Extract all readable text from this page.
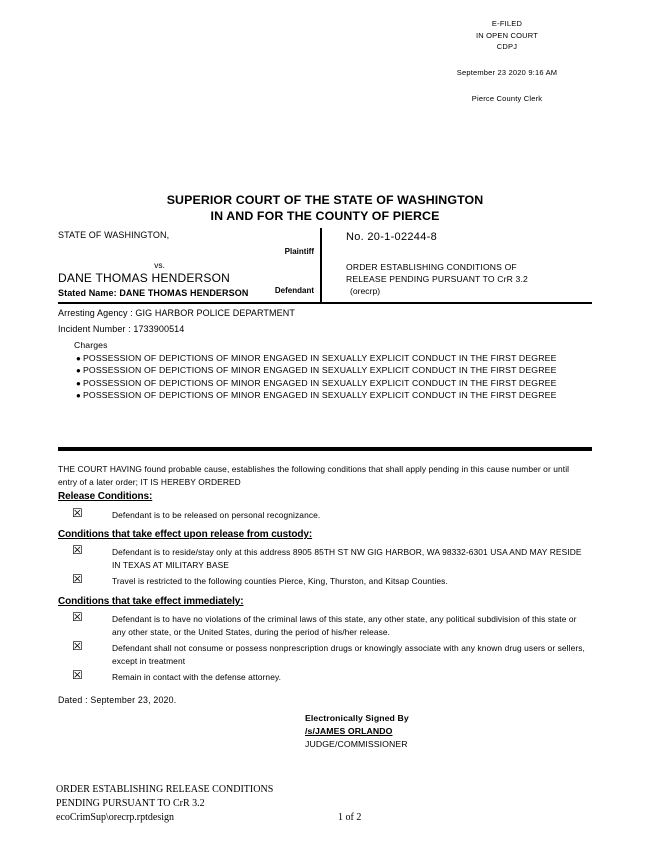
E-FILED
IN OPEN COURT
CDPJ
September 23 2020 9:16 AM
Pierce County Clerk
SUPERIOR COURT OF THE STATE OF WASHINGTON
IN AND FOR THE COUNTY OF PIERCE
STATE OF WASHINGTON,
Plaintiff
vs.
DANE THOMAS HENDERSON
Defendant
No. 20-1-02244-8
ORDER ESTABLISHING CONDITIONS OF
RELEASE PENDING PURSUANT TO CrR 3.2
(orecrp)
Stated Name: DANE THOMAS HENDERSON
Arresting Agency : GIG HARBOR POLICE DEPARTMENT
Incident Number : 1733900514
Charges
● POSSESSION OF DEPICTIONS OF MINOR ENGAGED IN SEXUALLY EXPLICIT CONDUCT IN THE FIRST DEGREE
● POSSESSION OF DEPICTIONS OF MINOR ENGAGED IN SEXUALLY EXPLICIT CONDUCT IN THE FIRST DEGREE
● POSSESSION OF DEPICTIONS OF MINOR ENGAGED IN SEXUALLY EXPLICIT CONDUCT IN THE FIRST DEGREE
● POSSESSION OF DEPICTIONS OF MINOR ENGAGED IN SEXUALLY EXPLICIT CONDUCT IN THE FIRST DEGREE
THE COURT HAVING found probable cause, establishes the following conditions that shall apply pending in this cause number or until entry of a later order; IT IS HEREBY ORDERED
Release Conditions:
☒	Defendant is to be released on personal recognizance.
Conditions that take effect upon release from custody:
☒	Defendant is to reside/stay only at this address 8905 85TH ST NW GIG HARBOR, WA 98332-6301 USA AND MAY RESIDE IN TEXAS AT MILITARY BASE
☒	Travel is restricted to the following counties Pierce, King, Thurston, and Kitsap Counties.
Conditions that take effect immediately:
☒	Defendant is to have no violations of the criminal laws of this state, any other state, any political subdivision of this state or any other state, or the United States, during the period of his/her release.
☒	Defendant shall not consume or possess nonprescription drugs or knowingly associate with any known drug users or sellers, except in treatment
☒	Remain in contact with the defense attorney.
Dated : September 23, 2020.
Electronically Signed By
/s/JAMES ORLANDO
JUDGE/COMMISSIONER
ORDER ESTABLISHING RELEASE CONDITIONS
PENDING PURSUANT TO CrR 3.2
ecoCrimSup\orecrp.rptdesign	1 of 2
